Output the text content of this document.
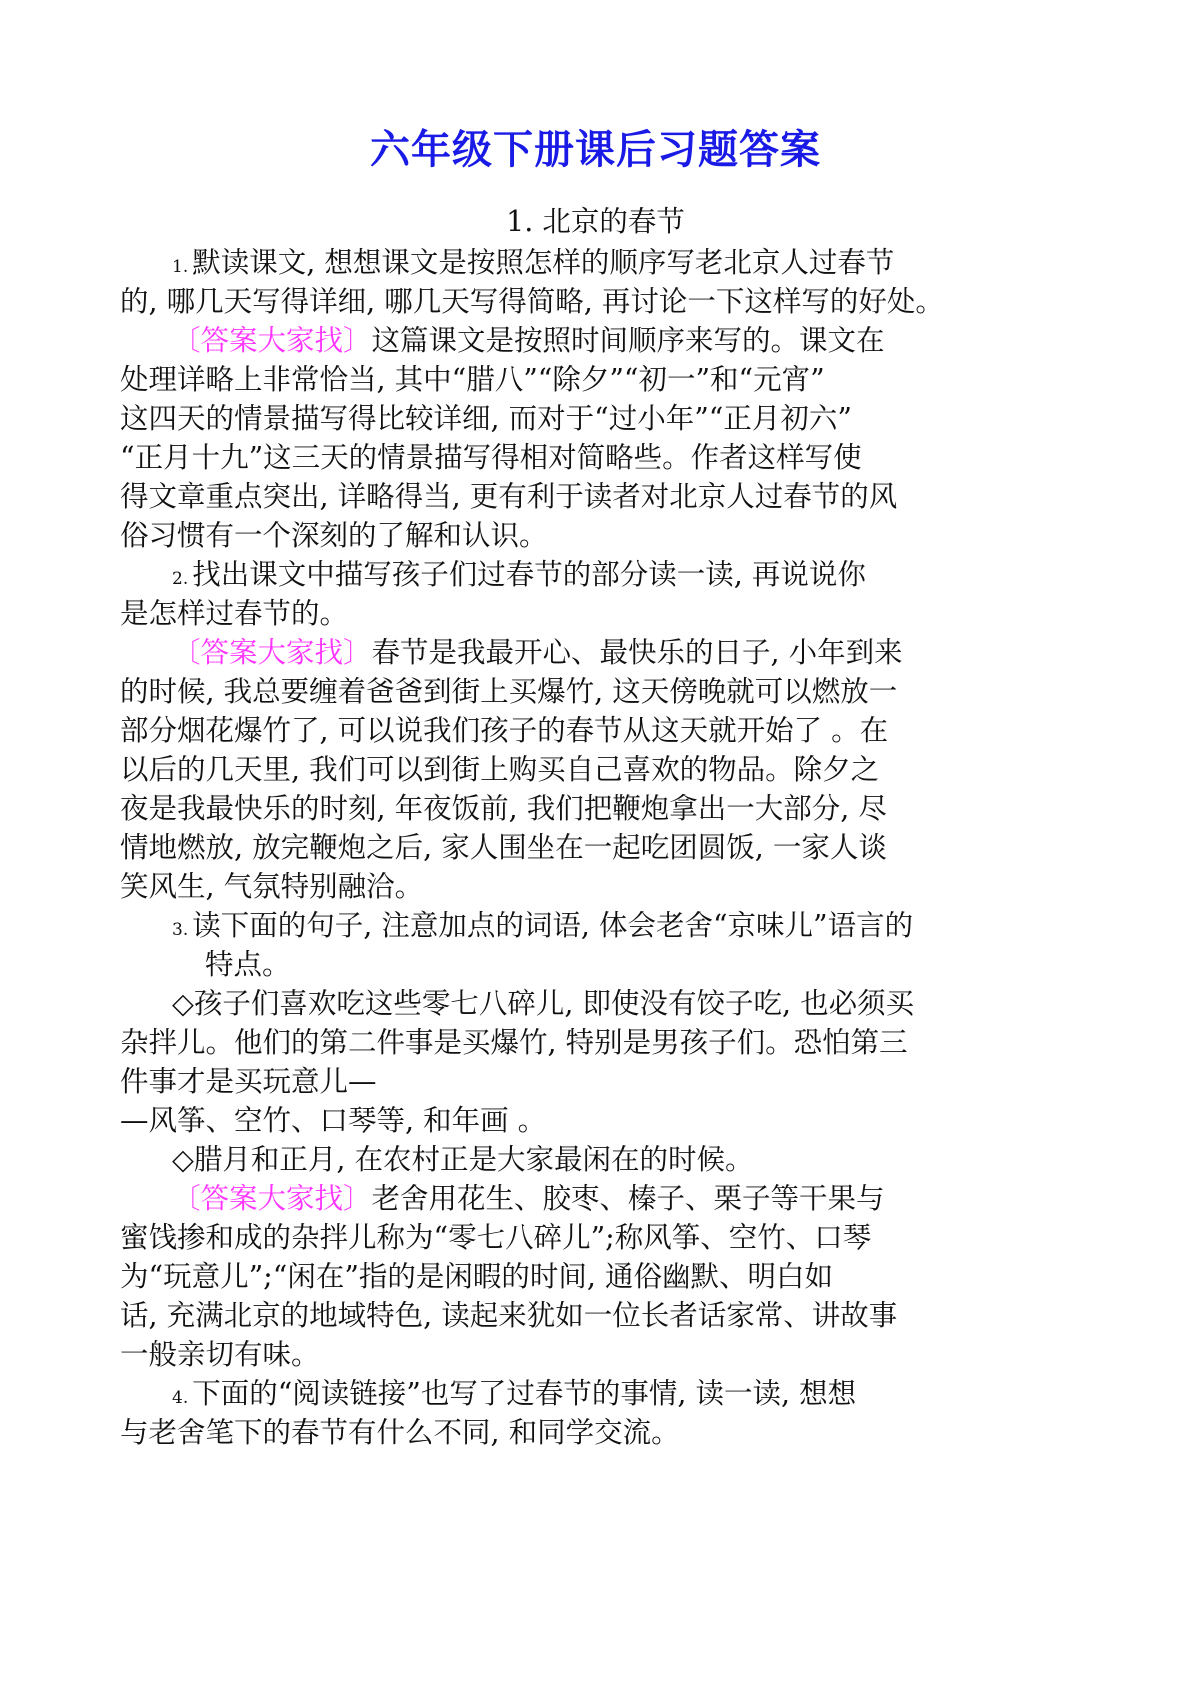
六年级下册课后习题答案
1. 北京的春节
1. 默读课文, 想想课文是按照怎样的顺序写老北京人过春节
的, 哪几天写得详细, 哪几天写得简略, 再讨论一下这样写的好处。
〔答案大家找〕这篇课文是按照时间顺序来写的。课文在
处理详略上非常恰当, 其中“腊八”“除夕”“初一”和“元宵”
这四天的情景描写得比较详细, 而对于“过小年”“正月初六”
“正月十九”这三天的情景描写得相对简略些。作者这样写使
得文章重点突出, 详略得当, 更有利于读者对北京人过春节的风
俗习惯有一个深刻的了解和认识。
2. 找出课文中描写孩子们过春节的部分读一读, 再说说你
是怎样过春节的。
〔答案大家找〕春节是我最开心、最快乐的日子, 小年到来
的时候, 我总要缠着爸爸到街上买爆竹, 这天傍晚就可以燃放一
部分烟花爆竹了, 可以说我们孩子的春节从这天就开始了 。在
以后的几天里, 我们可以到街上购买自己喜欢的物品。除夕之
夜是我最快乐的时刻, 年夜饭前, 我们把鞭炮拿出一大部分, 尽
情地燃放, 放完鞭炮之后, 家人围坐在一起吃团圆饭, 一家人谈
笑风生, 气氛特别融洽。
3. 读下面的句子, 注意加点的词语, 体会老舍“京味儿”语言的
特点。
◇孩子们喜欢吃这些零七八碎儿, 即使没有饺子吃, 也必须买
杂拌儿。他们的第二件事是买爆竹, 特别是男孩子们。恐怕第三
件事才是买玩意儿—
—风筝、空竹、口琴等, 和年画 。
◇腊月和正月, 在农村正是大家最闲在的时候。
〔答案大家找〕老舍用花生、胶枣、榛子、栗子等干果与
蜜饯掺和成的杂拌儿称为“零七八碎儿”;称风筝、空竹、口琴
为“玩意儿”;“闲在”指的是闲暇的时间, 通俗幽默、明白如
话, 充满北京的地域特色, 读起来犹如一位长者话家常、讲故事
一般亲切有味。
4. 下面的“阅读链接”也写了过春节的事情, 读一读, 想想
与老舍笔下的春节有什么不同, 和同学交流。
